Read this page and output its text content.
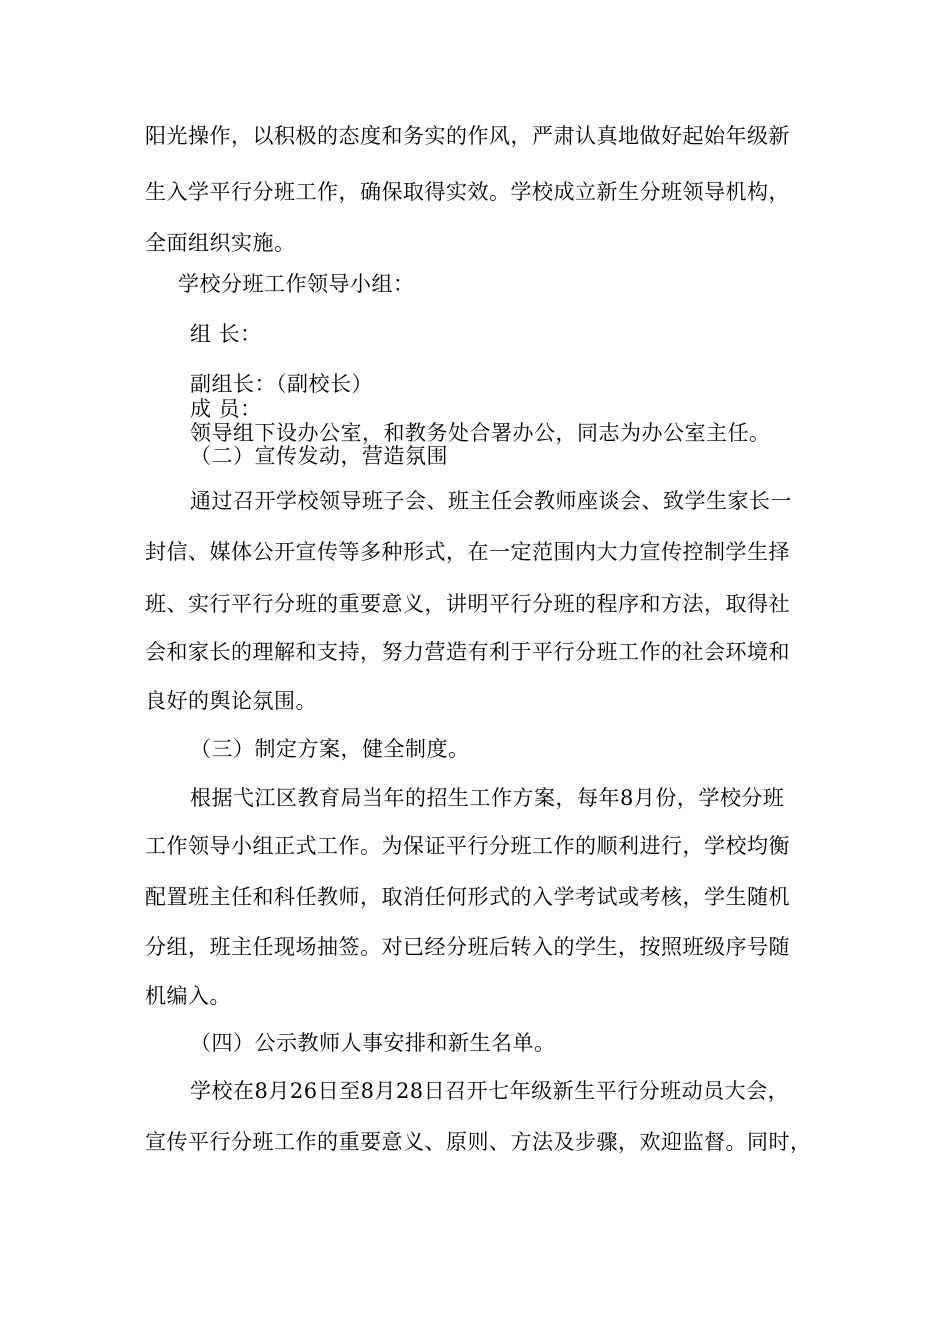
阳光操作，以积极的态度和务实的作风，严肃认真地做好起始年级新
生入学平行分班工作，确保取得实效。学校成立新生分班领导机构，
全面组织实施。
学校分班工作领导小组：
组 长：
副组长：（副校长）
成 员：
领导组下设办公室，和教务处合署办公，同志为办公室主任。
（二）宣传发动，营造氛围
通过召开学校领导班子会、班主任会教师座谈会、致学生家长一
封信、媒体公开宣传等多种形式，在一定范围内大力宣传控制学生择
班、实行平行分班的重要意义，讲明平行分班的程序和方法，取得社
会和家长的理解和支持，努力营造有利于平行分班工作的社会环境和
良好的舆论氛围。
（三）制定方案，健全制度。
根据弋江区教育局当年的招生工作方案，每年8月份，学校分班
工作领导小组正式工作。为保证平行分班工作的顺利进行，学校均衡
配置班主任和科任教师，取消任何形式的入学考试或考核，学生随机
分组，班主任现场抽签。对已经分班后转入的学生，按照班级序号随
机编入。
（四）公示教师人事安排和新生名单。
学校在8月26日至8月28日召开七年级新生平行分班动员大会，
宣传平行分班工作的重要意义、原则、方法及步骤，欢迎监督。同时，
